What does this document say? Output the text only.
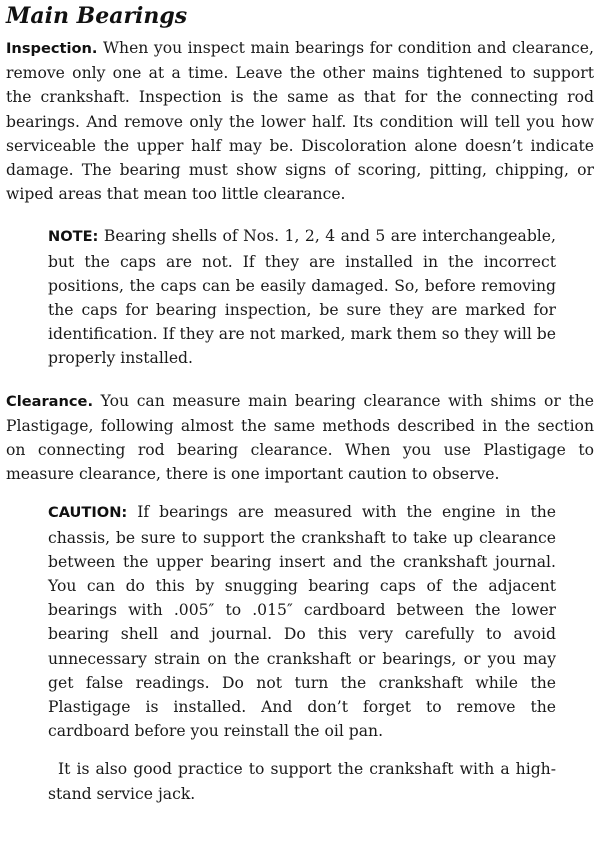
Main Bearings

Inspection. When you inspect main bearings for condition and clearance, remove only one at a time. Leave the other mains tightened to support the crankshaft. Inspection is the same as that for the connecting rod bearings. And remove only the lower half. Its condition will tell you how serviceable the upper half may be. Discoloration alone doesn’t indicate damage. The bearing must show signs of scoring, pitting, chipping, or wiped areas that mean too little clearance.

NOTE: Bearing shells of Nos. 1, 2, 4 and 5 are interchangeable, but the caps are not. If they are installed in the incorrect positions, the caps can be easily damaged. So, before removing the caps for bearing inspection, be sure they are marked for identification. If they are not marked, mark them so they will be properly installed.

Clearance. You can measure main bearing clearance with shims or the Plastigage, following almost the same methods described in the section on connecting rod bearing clearance. When you use Plastigage to measure clearance, there is one important caution to observe.

CAUTION: If bearings are measured with the engine in the chassis, be sure to support the crankshaft to take up clearance between the upper bearing insert and the crankshaft journal. You can do this by snugging bearing caps of the adjacent bearings with .005″ to .015″ cardboard between the lower bearing shell and journal. Do this very carefully to avoid unnecessary strain on the crankshaft or bearings, or you may get false readings. Do not turn the crankshaft while the Plastigage is installed. And don’t forget to remove the cardboard before you reinstall the oil pan.

It is also good practice to support the crankshaft with a high-stand service jack.
